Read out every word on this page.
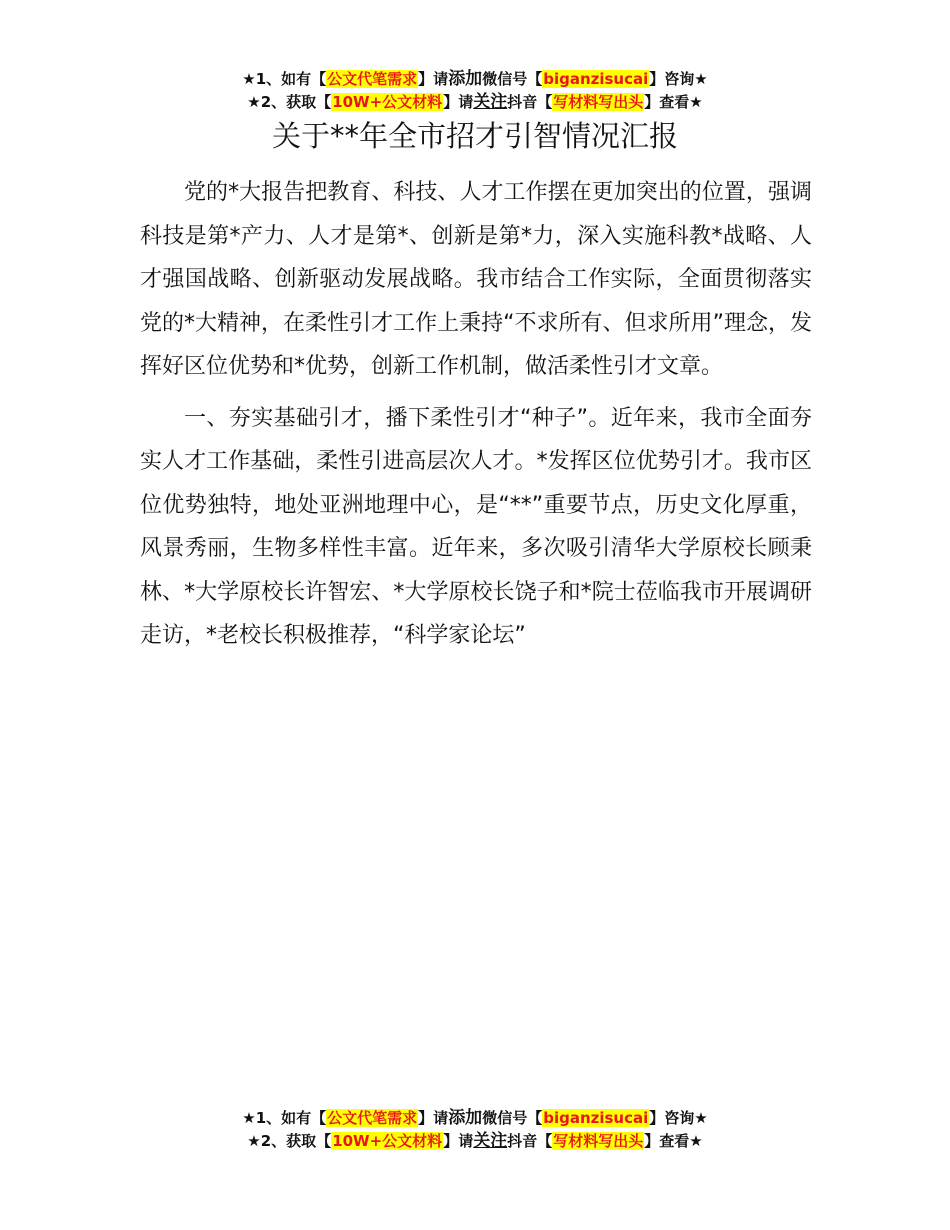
★1、如有【公文代笔需求】请添加微信号【biganzisucai】咨询★
★2、获取【10W+公文材料】请关注抖音【写材料写出头】查看★
关于**年全市招才引智情况汇报

党的*大报告把教育、科技、人才工作摆在更加突出的位置，强调科技是第*产力、人才是第*、创新是第*力，深入实施科教*战略、人才强国战略、创新驱动发展战略。我市结合工作实际，全面贯彻落实党的*大精神，在柔性引才工作上秉持“不求所有、但求所用”理念，发挥好区位优势和*优势，创新工作机制，做活柔性引才文章。

一、夯实基础引才，播下柔性引才“种子”。近年来，我市全面夯实人才工作基础，柔性引进高层次人才。*发挥区位优势引才。我市区位优势独特，地处亚洲地理中心，是“**”重要节点，历史文化厚重，风景秀丽，生物多样性丰富。近年来，多次吸引清华大学原校长顾秉林、*大学原校长许智宏、*大学原校长饶子和*院士莅临我市开展调研走访，*老校长积极推荐，“科学家论坛”

★1、如有【公文代笔需求】请添加微信号【biganzisucai】咨询★
★2、获取【10W+公文材料】请关注抖音【写材料写出头】查看★
